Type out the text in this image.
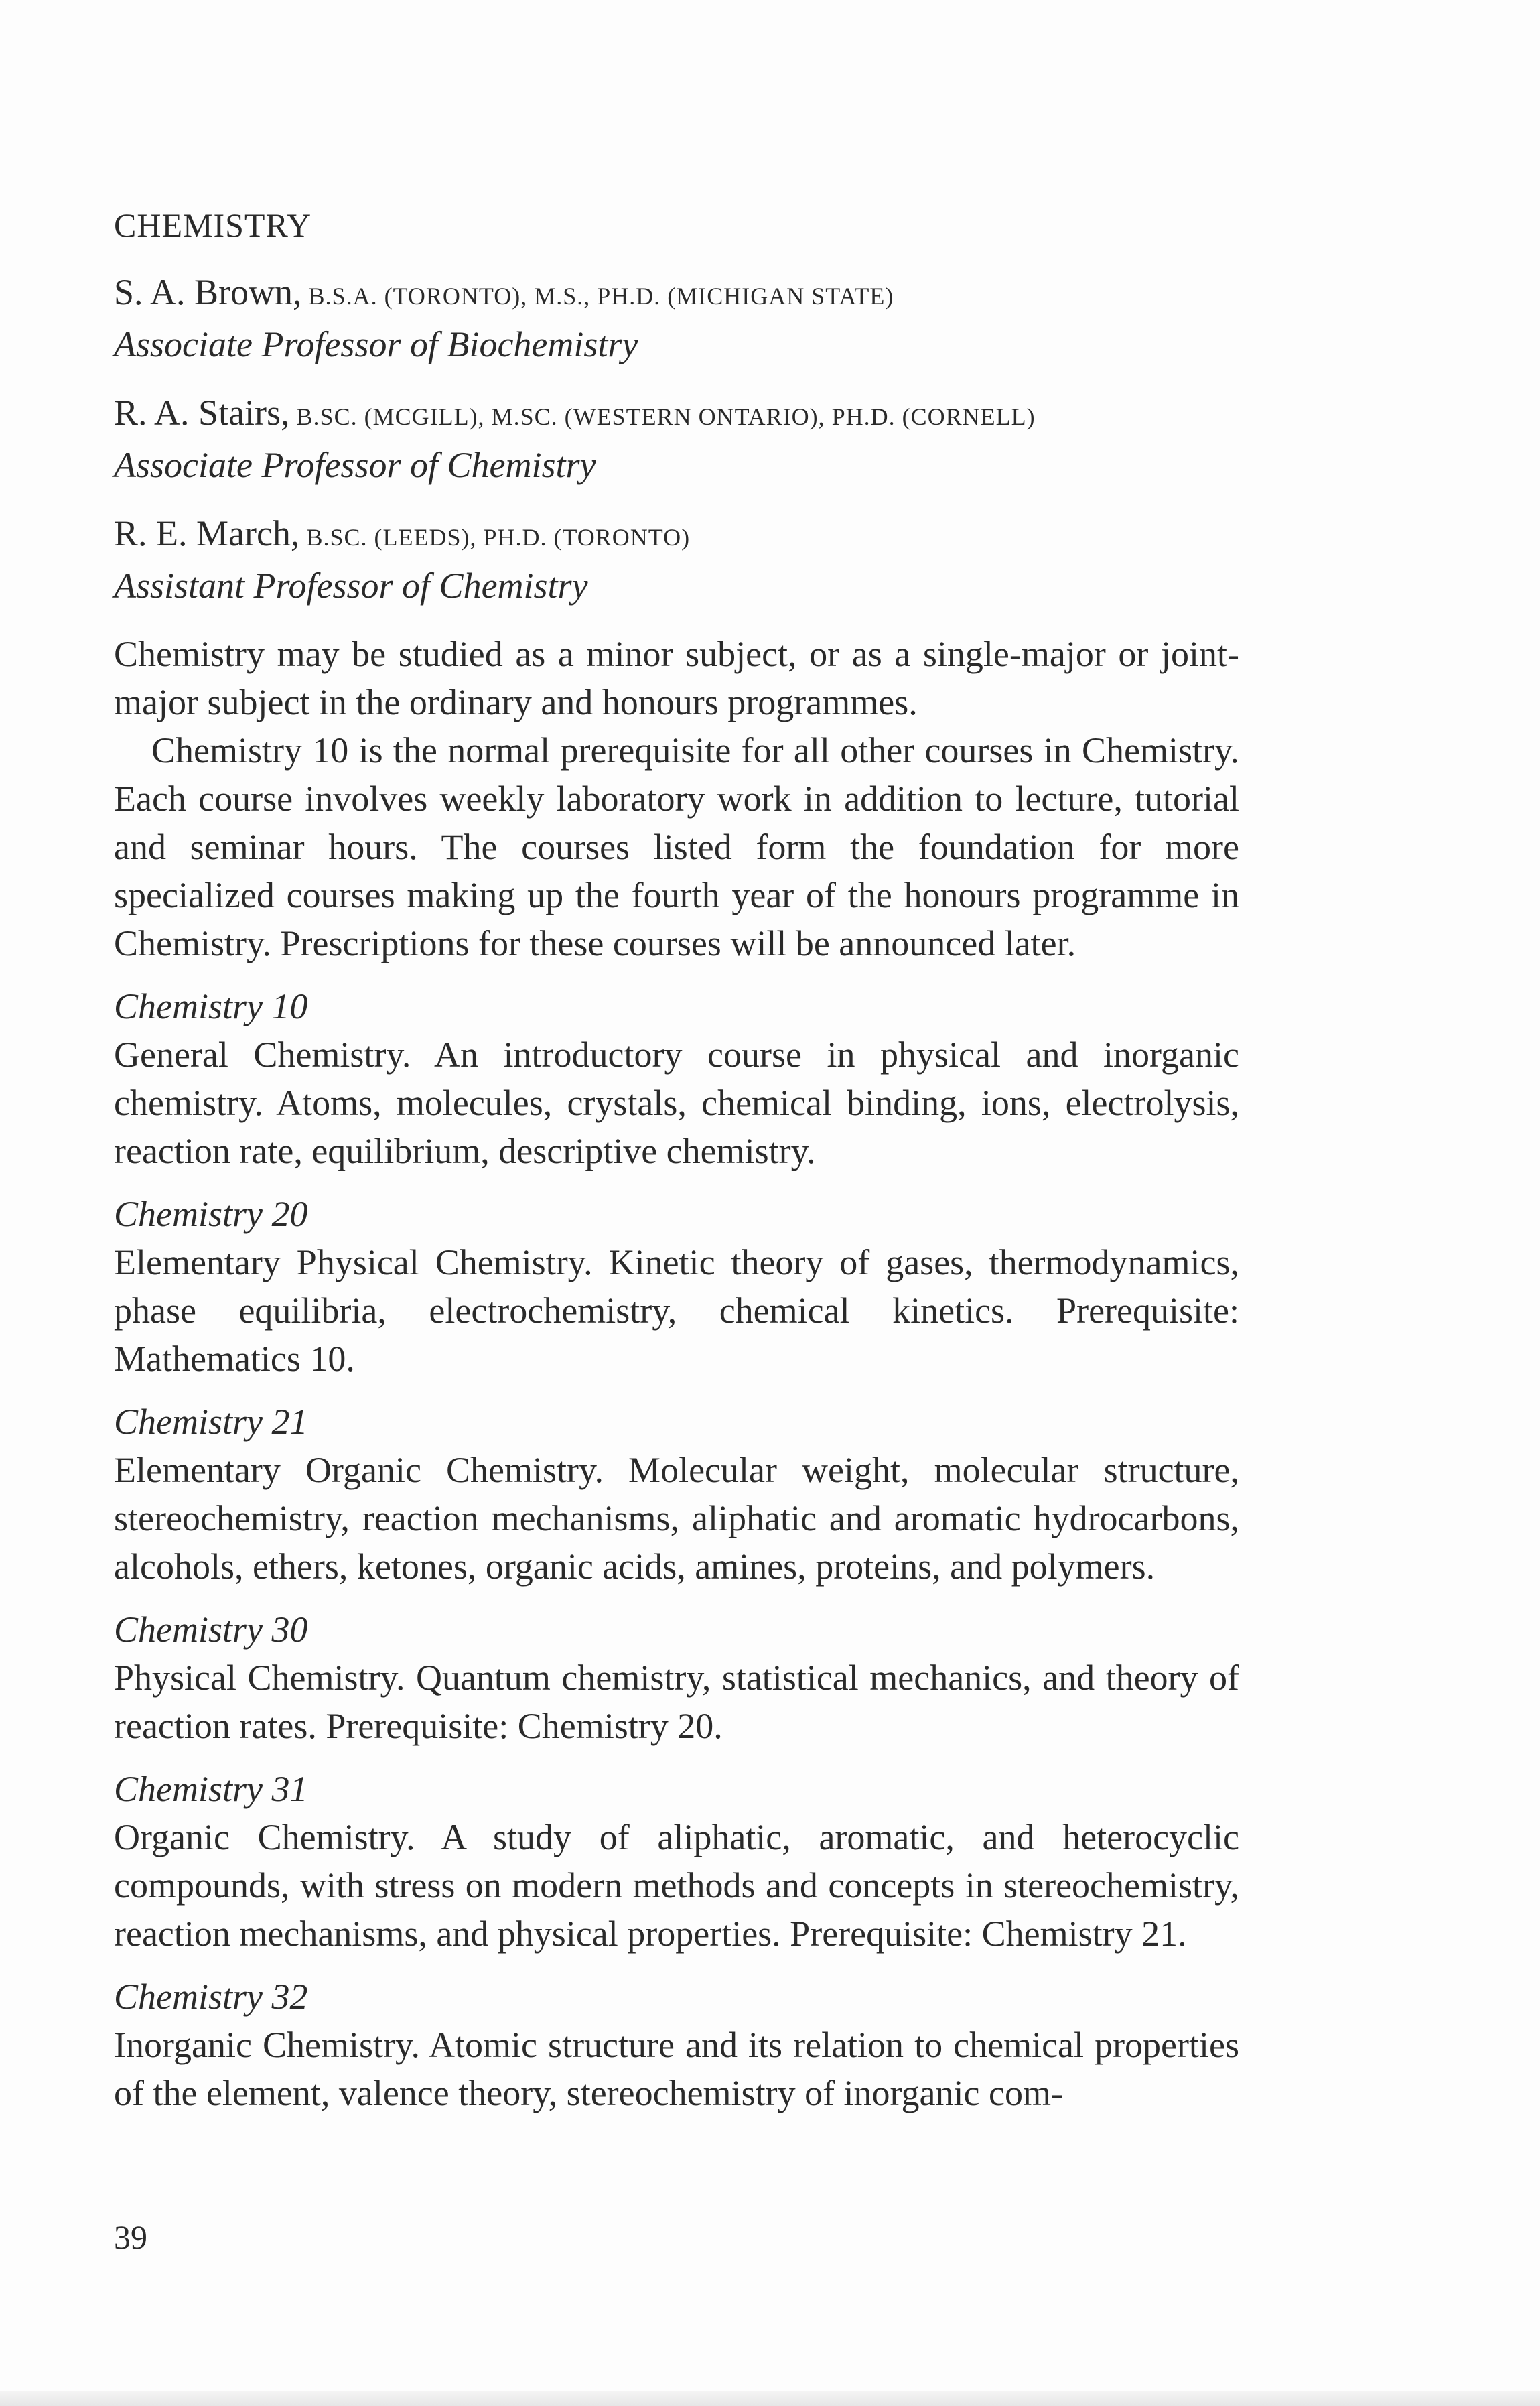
CHEMISTRY
S. A. Brown, B.S.A. (TORONTO), M.S., PH.D. (MICHIGAN STATE)
Associate Professor of Biochemistry
R. A. Stairs, B.SC. (MCGILL), M.SC. (WESTERN ONTARIO), PH.D. (CORNELL)
Associate Professor of Chemistry
R. E. March, B.SC. (LEEDS), PH.D. (TORONTO)
Assistant Professor of Chemistry

Chemistry may be studied as a minor subject, or as a single-major or joint-major subject in the ordinary and honours programmes.

Chemistry 10 is the normal prerequisite for all other courses in Chemistry. Each course involves weekly laboratory work in addition to lecture, tutorial and seminar hours. The courses listed form the foundation for more specialized courses making up the fourth year of the honours programme in Chemistry. Prescriptions for these courses will be announced later.

Chemistry 10

General Chemistry. An introductory course in physical and inorganic chemistry. Atoms, molecules, crystals, chemical binding, ions, electrolysis, reaction rate, equilibrium, descriptive chemistry.

Chemistry 20

Elementary Physical Chemistry. Kinetic theory of gases, thermodynamics, phase equilibria, electrochemistry, chemical kinetics. Prerequisite: Mathematics 10.

Chemistry 21

Elementary Organic Chemistry. Molecular weight, molecular structure, stereochemistry, reaction mechanisms, aliphatic and aromatic hydrocarbons, alcohols, ethers, ketones, organic acids, amines, proteins, and polymers.

Chemistry 30

Physical Chemistry. Quantum chemistry, statistical mechanics, and theory of reaction rates. Prerequisite: Chemistry 20.

Chemistry 31

Organic Chemistry. A study of aliphatic, aromatic, and heterocyclic compounds, with stress on modern methods and concepts in stereochemistry, reaction mechanisms, and physical properties. Prerequisite: Chemistry 21.

Chemistry 32

Inorganic Chemistry. Atomic structure and its relation to chemical properties of the element, valence theory, stereochemistry of inorganic com-

39
